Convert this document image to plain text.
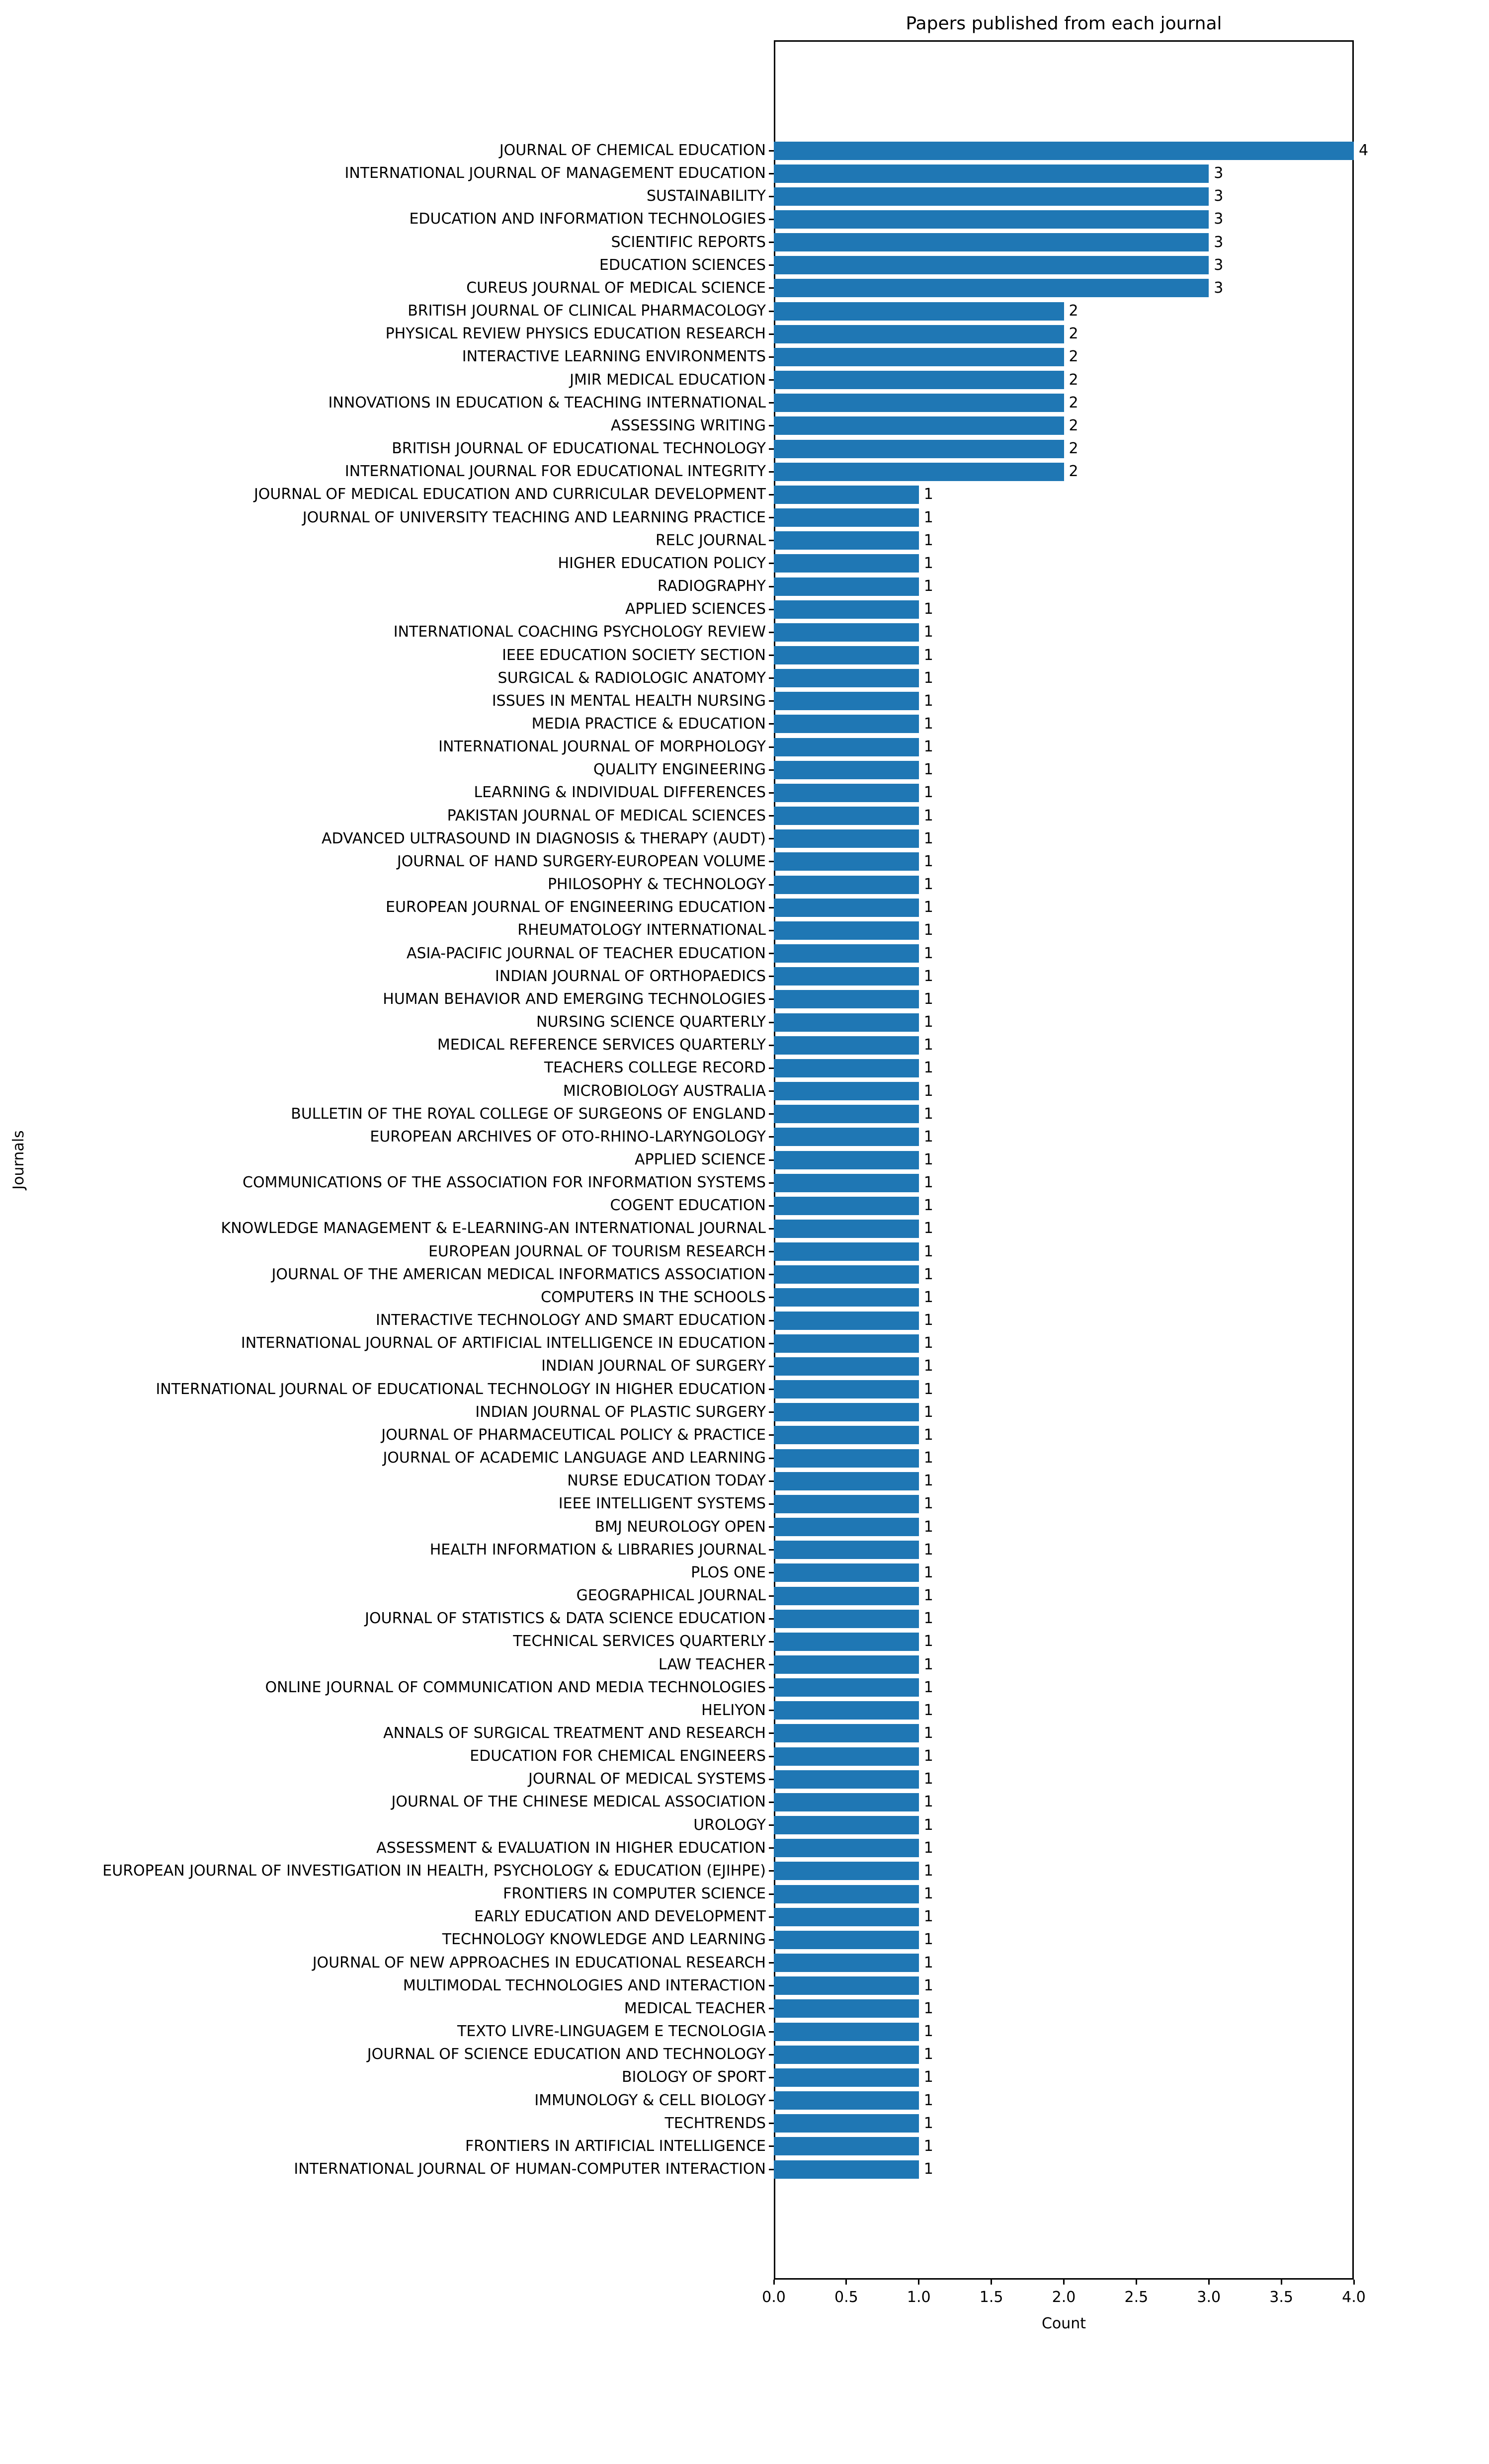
Papers published from each journal
Journals
Count
JOURNAL OF CHEMICAL EDUCATION	4
INTERNATIONAL JOURNAL OF MANAGEMENT EDUCATION	3
SUSTAINABILITY	3
EDUCATION AND INFORMATION TECHNOLOGIES	3
SCIENTIFIC REPORTS	3
EDUCATION SCIENCES	3
CUREUS JOURNAL OF MEDICAL SCIENCE	3
BRITISH JOURNAL OF CLINICAL PHARMACOLOGY	2
PHYSICAL REVIEW PHYSICS EDUCATION RESEARCH	2
INTERACTIVE LEARNING ENVIRONMENTS	2
JMIR MEDICAL EDUCATION	2
INNOVATIONS IN EDUCATION & TEACHING INTERNATIONAL	2
ASSESSING WRITING	2
BRITISH JOURNAL OF EDUCATIONAL TECHNOLOGY	2
INTERNATIONAL JOURNAL FOR EDUCATIONAL INTEGRITY	2
JOURNAL OF MEDICAL EDUCATION AND CURRICULAR DEVELOPMENT	1
JOURNAL OF UNIVERSITY TEACHING AND LEARNING PRACTICE	1
RELC JOURNAL	1
HIGHER EDUCATION POLICY	1
RADIOGRAPHY	1
APPLIED SCIENCES	1
INTERNATIONAL COACHING PSYCHOLOGY REVIEW	1
IEEE EDUCATION SOCIETY SECTION	1
SURGICAL & RADIOLOGIC ANATOMY	1
ISSUES IN MENTAL HEALTH NURSING	1
MEDIA PRACTICE & EDUCATION	1
INTERNATIONAL JOURNAL OF MORPHOLOGY	1
QUALITY ENGINEERING	1
LEARNING & INDIVIDUAL DIFFERENCES	1
PAKISTAN JOURNAL OF MEDICAL SCIENCES	1
ADVANCED ULTRASOUND IN DIAGNOSIS & THERAPY (AUDT)	1
JOURNAL OF HAND SURGERY-EUROPEAN VOLUME	1
PHILOSOPHY & TECHNOLOGY	1
EUROPEAN JOURNAL OF ENGINEERING EDUCATION	1
RHEUMATOLOGY INTERNATIONAL	1
ASIA-PACIFIC JOURNAL OF TEACHER EDUCATION	1
INDIAN JOURNAL OF ORTHOPAEDICS	1
HUMAN BEHAVIOR AND EMERGING TECHNOLOGIES	1
NURSING SCIENCE QUARTERLY	1
MEDICAL REFERENCE SERVICES QUARTERLY	1
TEACHERS COLLEGE RECORD	1
MICROBIOLOGY AUSTRALIA	1
BULLETIN OF THE ROYAL COLLEGE OF SURGEONS OF ENGLAND	1
EUROPEAN ARCHIVES OF OTO-RHINO-LARYNGOLOGY	1
APPLIED SCIENCE	1
COMMUNICATIONS OF THE ASSOCIATION FOR INFORMATION SYSTEMS	1
COGENT EDUCATION	1
KNOWLEDGE MANAGEMENT & E-LEARNING-AN INTERNATIONAL JOURNAL	1
EUROPEAN JOURNAL OF TOURISM RESEARCH	1
JOURNAL OF THE AMERICAN MEDICAL INFORMATICS ASSOCIATION	1
COMPUTERS IN THE SCHOOLS	1
INTERACTIVE TECHNOLOGY AND SMART EDUCATION	1
INTERNATIONAL JOURNAL OF ARTIFICIAL INTELLIGENCE IN EDUCATION	1
INDIAN JOURNAL OF SURGERY	1
INTERNATIONAL JOURNAL OF EDUCATIONAL TECHNOLOGY IN HIGHER EDUCATION	1
INDIAN JOURNAL OF PLASTIC SURGERY	1
JOURNAL OF PHARMACEUTICAL POLICY & PRACTICE	1
JOURNAL OF ACADEMIC LANGUAGE AND LEARNING	1
NURSE EDUCATION TODAY	1
IEEE INTELLIGENT SYSTEMS	1
BMJ NEUROLOGY OPEN	1
HEALTH INFORMATION & LIBRARIES JOURNAL	1
PLOS ONE	1
GEOGRAPHICAL JOURNAL	1
JOURNAL OF STATISTICS & DATA SCIENCE EDUCATION	1
TECHNICAL SERVICES QUARTERLY	1
LAW TEACHER	1
ONLINE JOURNAL OF COMMUNICATION AND MEDIA TECHNOLOGIES	1
HELIYON	1
ANNALS OF SURGICAL TREATMENT AND RESEARCH	1
EDUCATION FOR CHEMICAL ENGINEERS	1
JOURNAL OF MEDICAL SYSTEMS	1
JOURNAL OF THE CHINESE MEDICAL ASSOCIATION	1
UROLOGY	1
ASSESSMENT & EVALUATION IN HIGHER EDUCATION	1
EUROPEAN JOURNAL OF INVESTIGATION IN HEALTH, PSYCHOLOGY & EDUCATION (EJIHPE)	1
FRONTIERS IN COMPUTER SCIENCE	1
EARLY EDUCATION AND DEVELOPMENT	1
TECHNOLOGY KNOWLEDGE AND LEARNING	1
JOURNAL OF NEW APPROACHES IN EDUCATIONAL RESEARCH	1
MULTIMODAL TECHNOLOGIES AND INTERACTION	1
MEDICAL TEACHER	1
TEXTO LIVRE-LINGUAGEM E TECNOLOGIA	1
JOURNAL OF SCIENCE EDUCATION AND TECHNOLOGY	1
BIOLOGY OF SPORT	1
IMMUNOLOGY & CELL BIOLOGY	1
TECHTRENDS	1
FRONTIERS IN ARTIFICIAL INTELLIGENCE	1
INTERNATIONAL JOURNAL OF HUMAN-COMPUTER INTERACTION	1
0.0	0.5	1.0	1.5	2.0	2.5	3.0	3.5	4.0
